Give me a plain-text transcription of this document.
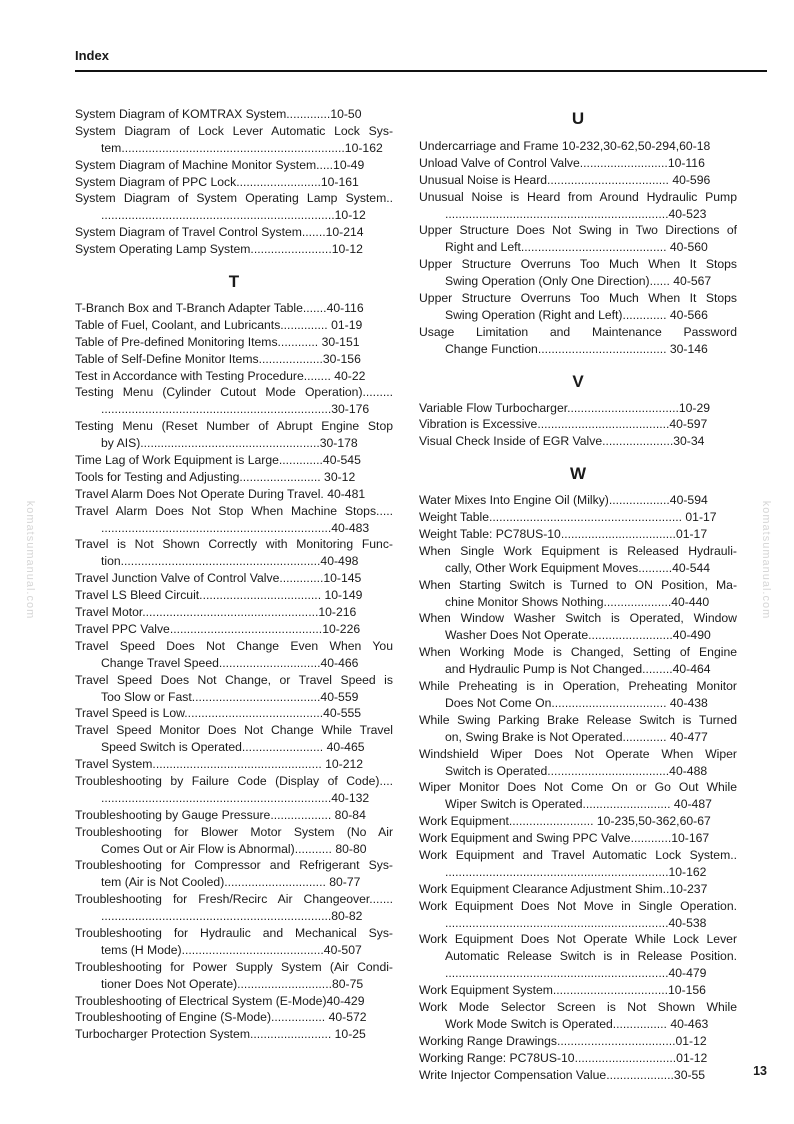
Index
komatsumanual.com	komatsumanual.com
System Diagram of KOMTRAX System.............10-50
System Diagram of Lock Lever Automatic Lock Sys-
tem..................................................................10-162
System Diagram of Machine Monitor System.....10-49
System Diagram of PPC Lock.........................10-161
System Diagram of System Operating Lamp System..
.....................................................................10-12
System Diagram of Travel Control System.......10-214
System Operating Lamp System........................10-12
T
T-Branch Box and T-Branch Adapter Table.......40-116
Table of Fuel, Coolant, and Lubricants.............. 01-19
Table of Pre-defined Monitoring Items............ 30-151
Table of Self-Define Monitor Items...................30-156
Test in Accordance with Testing Procedure........ 40-22
Testing Menu (Cylinder Cutout Mode Operation).........
....................................................................30-176
Testing Menu (Reset Number of Abrupt Engine Stop
by AIS).....................................................30-178
Time Lag of Work Equipment is Large.............40-545
Tools for Testing and Adjusting........................ 30-12
Travel Alarm Does Not Operate During Travel. 40-481
Travel Alarm Does Not Stop When Machine Stops.....
....................................................................40-483
Travel is Not Shown Correctly with Monitoring Func-
tion...........................................................40-498
Travel Junction Valve of Control Valve.............10-145
Travel LS Bleed Circuit.................................... 10-149
Travel Motor....................................................10-216
Travel PPC Valve.............................................10-226
Travel Speed Does Not Change Even When You
Change Travel Speed..............................40-466
Travel Speed Does Not Change, or Travel Speed is
Too Slow or Fast......................................40-559
Travel Speed is Low.........................................40-555
Travel Speed Monitor Does Not Change While Travel
Speed Switch is Operated........................ 40-465
Travel System.................................................. 10-212
Troubleshooting by Failure Code (Display of Code)....
....................................................................40-132
Troubleshooting by Gauge Pressure.................. 80-84
Troubleshooting for Blower Motor System (No Air
Comes Out or Air Flow is Abnormal)........... 80-80
Troubleshooting for Compressor and Refrigerant Sys-
tem (Air is Not Cooled).............................. 80-77
Troubleshooting for Fresh/Recirc Air Changeover.......
....................................................................80-82
Troubleshooting for Hydraulic and Mechanical Sys-
tems (H Mode)..........................................40-507
Troubleshooting for Power Supply System (Air Condi-
tioner Does Not Operate)............................80-75
Troubleshooting of Electrical System (E-Mode)40-429
Troubleshooting of Engine (S-Mode)................ 40-572
Turbocharger Protection System........................ 10-25
U
Undercarriage and Frame 10-232,30-62,50-294,60-18
Unload Valve of Control Valve..........................10-116
Unusual Noise is Heard.................................... 40-596
Unusual Noise is Heard from Around Hydraulic Pump
..................................................................40-523
Upper Structure Does Not Swing in Two Directions of
Right and Left........................................... 40-560
Upper Structure Overruns Too Much When It Stops
Swing Operation (Only One Direction)...... 40-567
Upper Structure Overruns Too Much When It Stops
Swing Operation (Right and Left)............. 40-566
Usage Limitation and Maintenance Password
Change Function...................................... 30-146
V
Variable Flow Turbocharger.................................10-29
Vibration is Excessive.......................................40-597
Visual Check Inside of EGR Valve.....................30-34
W
Water Mixes Into Engine Oil (Milky)..................40-594
Weight Table......................................................... 01-17
Weight Table: PC78US-10..................................01-17
When Single Work Equipment is Released Hydrauli-
cally, Other Work Equipment Moves..........40-544
When Starting Switch is Turned to ON Position, Ma-
chine Monitor Shows Nothing....................40-440
When Window Washer Switch is Operated, Window
Washer Does Not Operate.........................40-490
When Working Mode is Changed, Setting of Engine
and Hydraulic Pump is Not Changed.........40-464
While Preheating is in Operation, Preheating Monitor
Does Not Come On.................................. 40-438
While Swing Parking Brake Release Switch is Turned
on, Swing Brake is Not Operated............. 40-477
Windshield Wiper Does Not Operate When Wiper
Switch is Operated....................................40-488
Wiper Monitor Does Not Come On or Go Out While
Wiper Switch is Operated.......................... 40-487
Work Equipment......................... 10-235,50-362,60-67
Work Equipment and Swing PPC Valve............10-167
Work Equipment and Travel Automatic Lock System..
..................................................................10-162
Work Equipment Clearance Adjustment Shim..10-237
Work Equipment Does Not Move in Single Operation.
..................................................................40-538
Work Equipment Does Not Operate While Lock Lever
Automatic Release Switch is in Release Position.
..................................................................40-479
Work Equipment System..................................10-156
Work Mode Selector Screen is Not Shown While
Work Mode Switch is Operated................ 40-463
Working Range Drawings...................................01-12
Working Range: PC78US-10..............................01-12
Write Injector Compensation Value....................30-55	13
